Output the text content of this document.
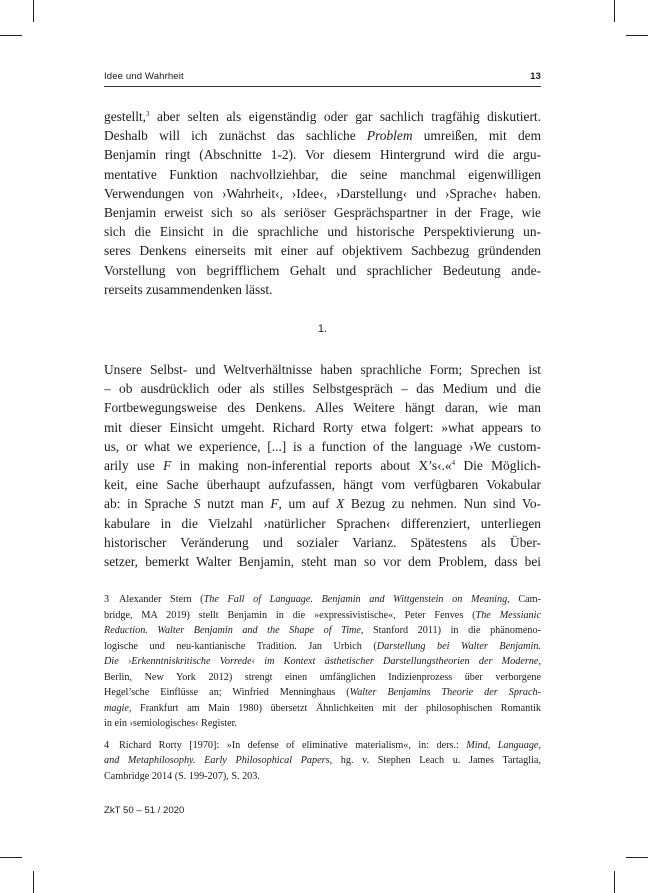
Idee und Wahrheit	13
gestellt,$^3$ aber selten als eigenständig oder gar sachlich tragfähig diskutiert.
Deshalb will ich zunächst das sachliche Problem umreißen, mit dem
Benjamin ringt (Abschnitte 1-2). Vor diesem Hintergrund wird die argu-
mentative Funktion nachvollziehbar, die seine manchmal eigenwilligen
Verwendungen von ›Wahrheit‹, ›Idee‹, ›Darstellung‹ und ›Sprache‹ haben.
Benjamin erweist sich so als seriöser Gesprächspartner in der Frage, wie
sich die Einsicht in die sprachliche und historische Perspektivierung un-
seres Denkens einerseits mit einer auf objektivem Sachbezug gründenden
Vorstellung von begrifflichem Gehalt und sprachlicher Bedeutung ande-
rerseits zusammendenken lässt.
1.
Unsere Selbst- und Weltverhältnisse haben sprachliche Form; Sprechen ist
– ob ausdrücklich oder als stilles Selbstgespräch – das Medium und die
Fortbewegungsweise des Denkens. Alles Weitere hängt daran, wie man
mit dieser Einsicht umgeht. Richard Rorty etwa folgert: »what appears to
us, or what we experience, [...] is a function of the language ›We custom-
arily use F in making non-inferential reports about X’s‹.«$^4$ Die Möglich-
keit, eine Sache überhaupt aufzufassen, hängt vom verfügbaren Vokabular
ab: in Sprache S nutzt man F, um auf X Bezug zu nehmen. Nun sind Vo-
kabulare in die Vielzahl ›natürlicher Sprachen‹ differenziert, unterliegen
historischer Veränderung und sozialer Varianz. Spätestens als Über-
setzer, bemerkt Walter Benjamin, steht man so vor dem Problem, dass bei
3 Alexander Stern (The Fall of Language. Benjamin and Wittgenstein on Meaning, Cam-
bridge, MA 2019) stellt Benjamin in die »expressivistische«, Peter Fenves (The Messianic
Reduction. Walter Benjamin and the Shape of Time, Stanford 2011) in die phänomeno-
logische und neu-kantianische Tradition. Jan Urbich (Darstellung bei Walter Benjamin.
Die ›Erkenntniskritische Vorrede‹ im Kontext ästhetischer Darstellungstheorien der Moderne,
Berlin, New York 2012) strengt einen umfänglichen Indizienprozess über verborgene
Hegel’sche Einflüsse an; Winfried Menninghaus (Walter Benjamins Theorie der Sprach-
magie, Frankfurt am Main 1980) übersetzt Ähnlichkeiten mit der philosophischen Romantik
in ein ›semiologisches‹ Register.
4 Richard Rorty [1970]: »In defense of eliminative materialism«, in: ders.: Mind, Language,
and Metaphilosophy. Early Philosophical Papers, hg. v. Stephen Leach u. James Tartaglia,
Cambridge 2014 (S. 199-207), S. 203.
ZkT 50 – 51 / 2020
